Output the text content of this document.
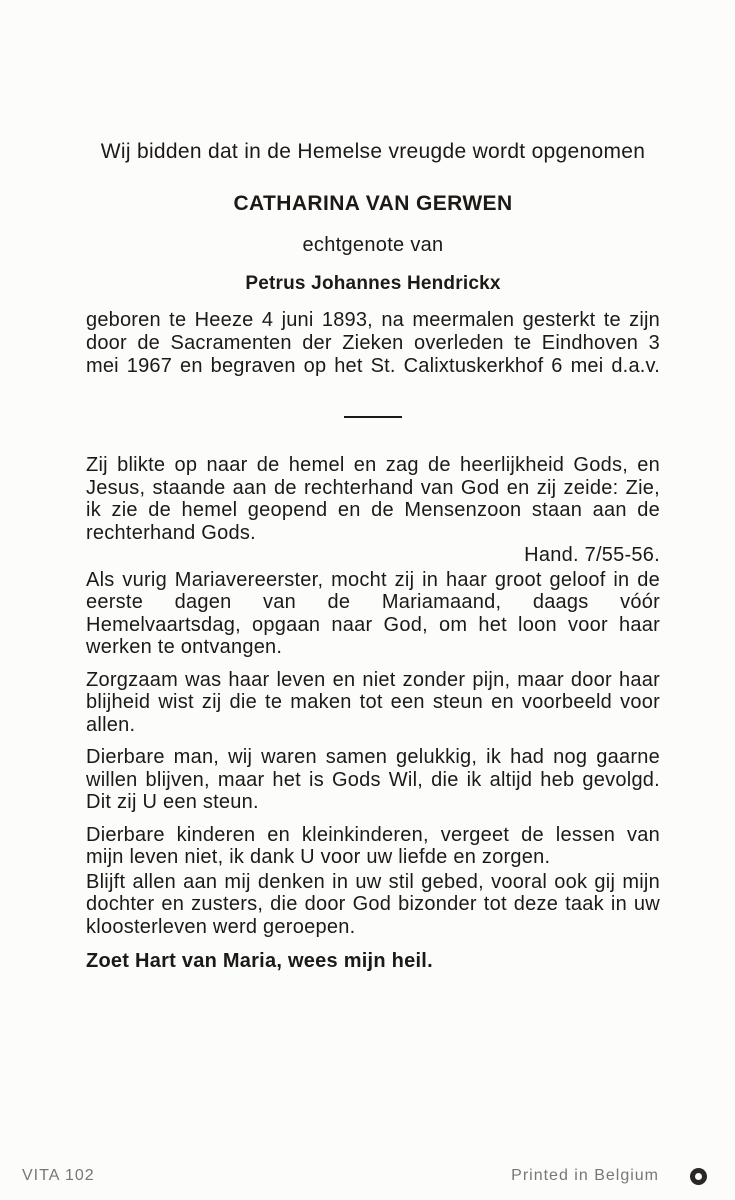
Wij bidden dat in de Hemelse vreugde wordt opgenomen

CATHARINA VAN GERWEN
echtgenote van
Petrus Johannes Hendrickx
geboren te Heeze 4 juni 1893, na meermalen gesterkt te zijn door de Sacramenten der Zieken overleden te Eindhoven 3 mei 1967 en begraven op het St. Calixtuskerkhof 6 mei d.a.v.
Zij blikte op naar de hemel en zag de heerlijkheid Gods, en Jesus, staande aan de rechterhand van God en zij zeide: Zie, ik zie de hemel geopend en de Mensenzoon staan aan de rechterhand Gods.
Hand. 7/55-56.

Als vurig Mariavereerster, mocht zij in haar groot geloof in de eerste dagen van de Mariamaand, daags vóór Hemelvaartsdag, opgaan naar God, om het loon voor haar werken te ontvangen.

Zorgzaam was haar leven en niet zonder pijn, maar door haar blijheid wist zij die te maken tot een steun en voorbeeld voor allen.

Dierbare man, wij waren samen gelukkig, ik had nog gaarne willen blijven, maar het is Gods Wil, die ik altijd heb gevolgd. Dit zij U een steun.

Dierbare kinderen en kleinkinderen, vergeet de lessen van mijn leven niet, ik dank U voor uw liefde en zorgen.

Blijft allen aan mij denken in uw stil gebed, vooral ook gij mijn dochter en zusters, die door God bizonder tot deze taak in uw kloosterleven werd geroepen.

Zoet Hart van Maria, wees mijn heil.
VITA 102	Printed in Belgium
